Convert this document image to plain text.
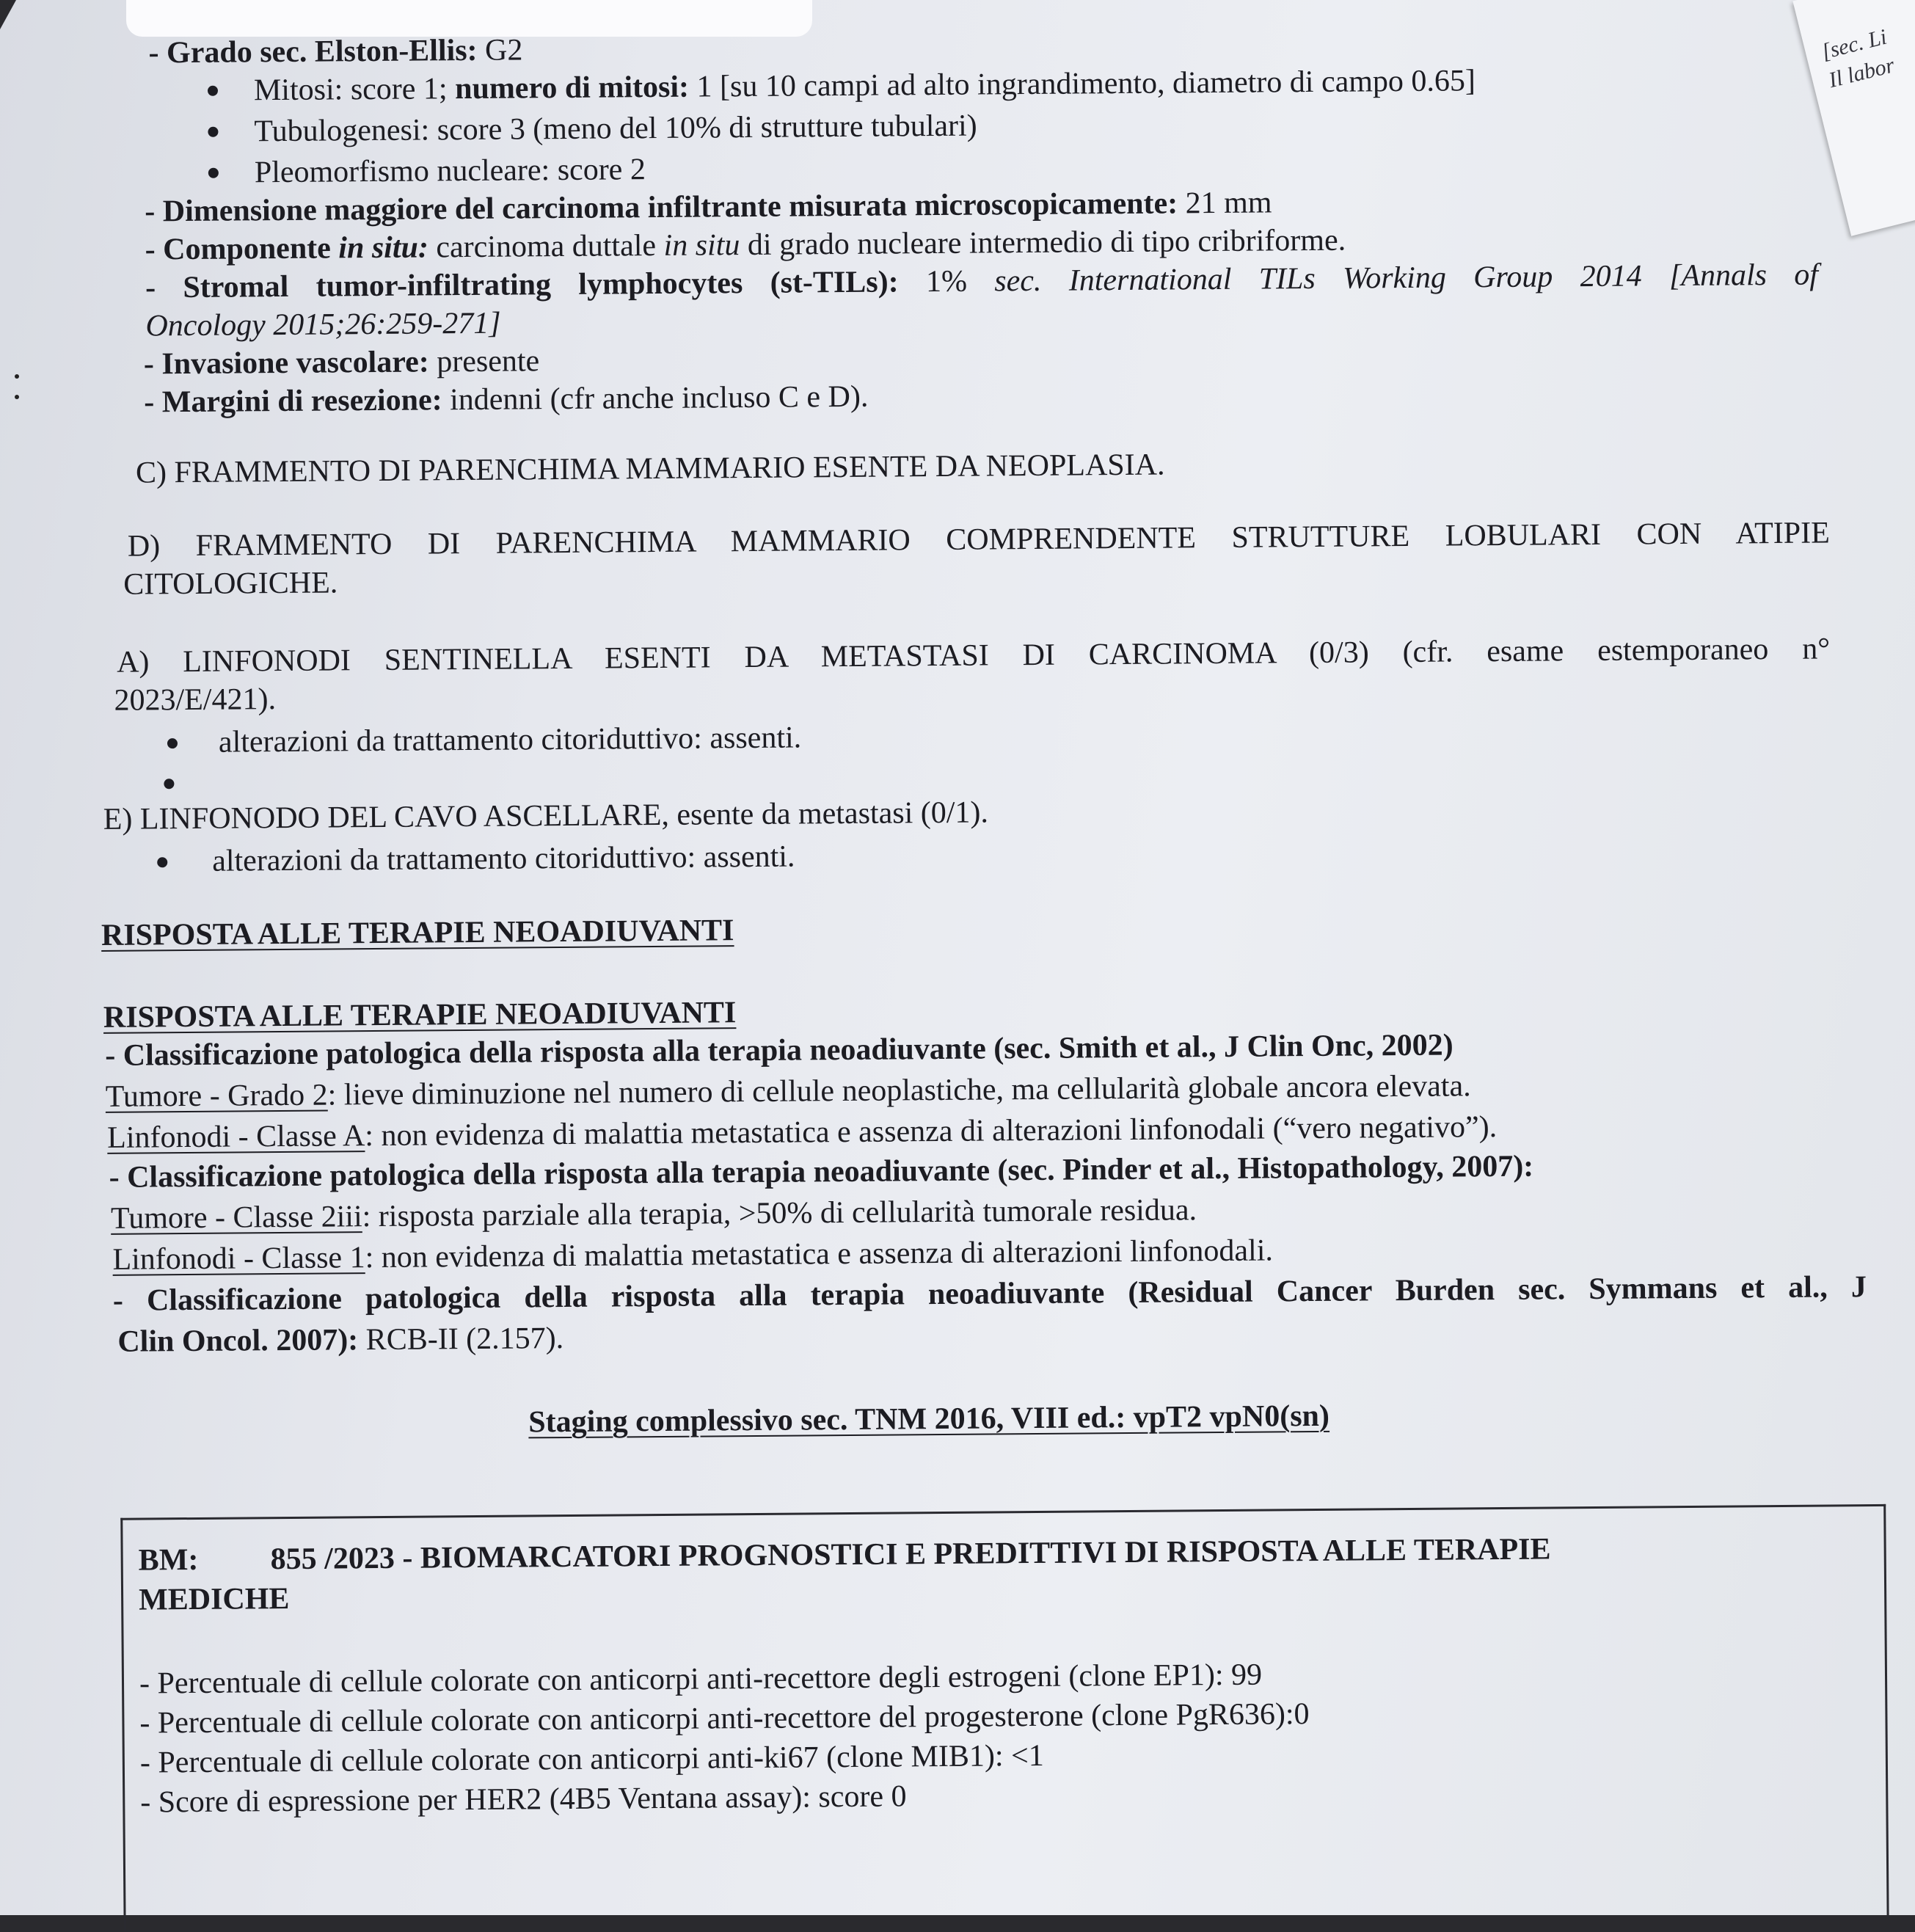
[sec. Li
Il labor
- Grado sec. Elston-Ellis: G2
Mitosi: score 1; numero di mitosi: 1 [su 10 campi ad alto ingrandimento, diametro di campo 0.65]
Tubulogenesi: score 3 (meno del 10% di strutture tubulari)
Pleomorfismo nucleare: score 2
- Dimensione maggiore del carcinoma infiltrante misurata microscopicamente: 21 mm
- Componente in situ: carcinoma duttale in situ di grado nucleare intermedio di tipo cribriforme.
- Stromal tumor-infiltrating lymphocytes (st-TILs): 1% sec. International TILs Working Group 2014 [Annals of
Oncology 2015;26:259-271]
- Invasione vascolare: presente
- Margini di resezione: indenni (cfr anche incluso C e D).
C) FRAMMENTO DI PARENCHIMA MAMMARIO ESENTE DA NEOPLASIA.
D) FRAMMENTO DI PARENCHIMA MAMMARIO COMPRENDENTE STRUTTURE LOBULARI CON ATIPIE
CITOLOGICHE.
A) LINFONODI SENTINELLA ESENTI DA METASTASI DI CARCINOMA (0/3) (cfr. esame estemporaneo n°
2023/E/421).
alterazioni da trattamento citoriduttivo: assenti.
E) LINFONODO DEL CAVO ASCELLARE, esente da metastasi (0/1).
alterazioni da trattamento citoriduttivo: assenti.
RISPOSTA ALLE TERAPIE NEOADIUVANTI
RISPOSTA ALLE TERAPIE NEOADIUVANTI
- Classificazione patologica della risposta alla terapia neoadiuvante (sec. Smith et al., J Clin Onc, 2002)
Tumore - Grado 2: lieve diminuzione nel numero di cellule neoplastiche, ma cellularità globale ancora elevata.
Linfonodi - Classe A: non evidenza di malattia metastatica e assenza di alterazioni linfonodali (“vero negativo”).
- Classificazione patologica della risposta alla terapia neoadiuvante (sec. Pinder et al., Histopathology, 2007):
Tumore - Classe 2iii: risposta parziale alla terapia, >50% di cellularità tumorale residua.
Linfonodi - Classe 1: non evidenza di malattia metastatica e assenza di alterazioni linfonodali.
- Classificazione patologica della risposta alla terapia neoadiuvante (Residual Cancer Burden sec. Symmans et al., J
Clin Oncol. 2007): RCB-II (2.157).
Staging complessivo sec. TNM 2016, VIII ed.: vpT2 vpN0(sn)
BM: 855 /2023 - BIOMARCATORI PROGNOSTICI E PREDITTIVI DI RISPOSTA ALLE TERAPIE
MEDICHE
- Percentuale di cellule colorate con anticorpi anti-recettore degli estrogeni (clone EP1): 99
- Percentuale di cellule colorate con anticorpi anti-recettore del progesterone (clone PgR636):0
- Percentuale di cellule colorate con anticorpi anti-ki67 (clone MIB1): <1
- Score di espressione per HER2 (4B5 Ventana assay): score 0
